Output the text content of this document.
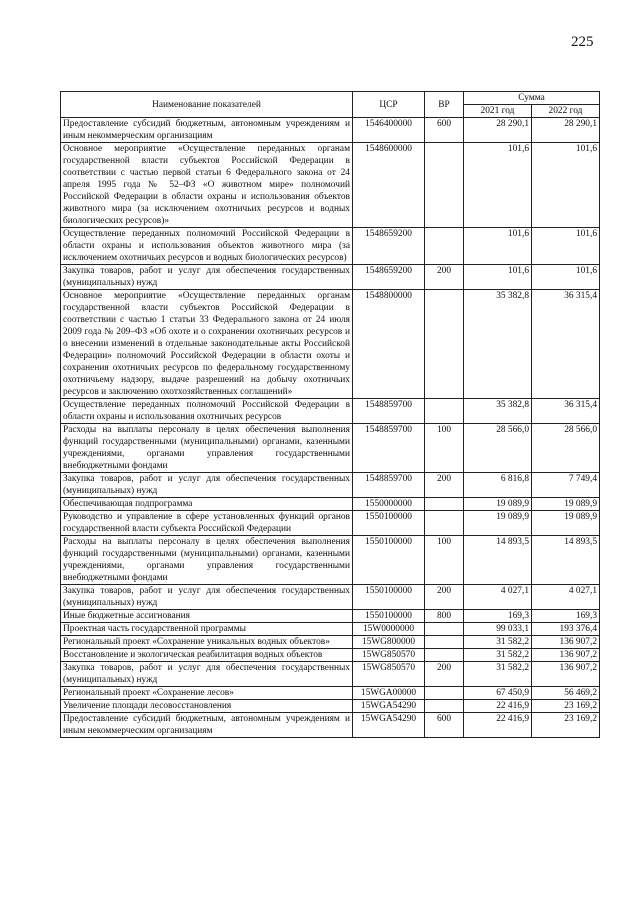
225
Наименование показателей	ЦСР	ВР	Сумма	
			2021 год	2022 год
Предоставление субсидий бюджетным, автономным учреждениям и иным некоммерческим организациям	1546400000	600	28 290,1	28 290,1
Основное мероприятие «Осуществление переданных органам государственной власти субъектов Российской Федерации в соответствии с частью первой статьи 6 Федерального закона от 24 апреля 1995 года № 52–ФЗ «О животном мире» полномочий Российской Федерации в области охраны и использования объектов животного мира (за исключением охотничьих ресурсов и водных биологических ресурсов)»	1548600000		101,6	101,6
Осуществление переданных полномочий Российской Федерации в области охраны и использования объектов животного мира (за исключением охотничьих ресурсов и водных биологических ресурсов)	1548659200		101,6	101,6
Закупка товаров, работ и услуг для обеспечения государственных (муниципальных) нужд	1548659200	200	101,6	101,6
Основное мероприятие «Осуществление переданных органам государственной власти субъектов Российской Федерации в соответствии с частью 1 статьи 33 Федерального закона от 24 июля 2009 года № 209–ФЗ «Об охоте и о сохранении охотничьих ресурсов и о внесении изменений в отдельные законодательные акты Российской Федерации» полномочий Российской Федерации в области охоты и сохранения охотничьих ресурсов по федеральному государственному охотничьему надзору, выдаче разрешений на добычу охотничьих ресурсов и заключению охотхозяйственных соглашений»	1548800000		35 382,8	36 315,4
Осуществление переданных полномочий Российской Федерации в области охраны и использования охотничьих ресурсов	1548859700		35 382,8	36 315,4
Расходы на выплаты персоналу в целях обеспечения выполнения функций государственными (муниципальными) органами, казенными учреждениями, органами управления государственными внебюджетными фондами	1548859700	100	28 566,0	28 566,0
Закупка товаров, работ и услуг для обеспечения государственных (муниципальных) нужд	1548859700	200	6 816,8	7 749,4
Обеспечивающая подпрограмма	1550000000		19 089,9	19 089,9
Руководство и управление в сфере установленных функций органов государственной власти субъекта Российской Федерации	1550100000		19 089,9	19 089,9
Расходы на выплаты персоналу в целях обеспечения выполнения функций государственными (муниципальными) органами, казенными учреждениями, органами управления государственными внебюджетными фондами	1550100000	100	14 893,5	14 893,5
Закупка товаров, работ и услуг для обеспечения государственных (муниципальных) нужд	1550100000	200	4 027,1	4 027,1
Иные бюджетные ассигнования	1550100000	800	169,3	169,3
Проектная часть государственной программы	15W0000000		99 033,1	193 376,4
Региональный проект «Сохранение уникальных водных объектов»	15WG800000		31 582,2	136 907,2
Восстановление и экологическая реабилитация водных объектов	15WG850570		31 582,2	136 907,2
Закупка товаров, работ и услуг для обеспечения государственных (муниципальных) нужд	15WG850570	200	31 582,2	136 907,2
Региональный проект «Сохранение лесов»	15WGA00000		67 450,9	56 469,2
Увеличение площади лесовосстановления	15WGA54290		22 416,9	23 169,2
Предоставление субсидий бюджетным, автономным учреждениям и иным некоммерческим организациям	15WGA54290	600	22 416,9	23 169,2
